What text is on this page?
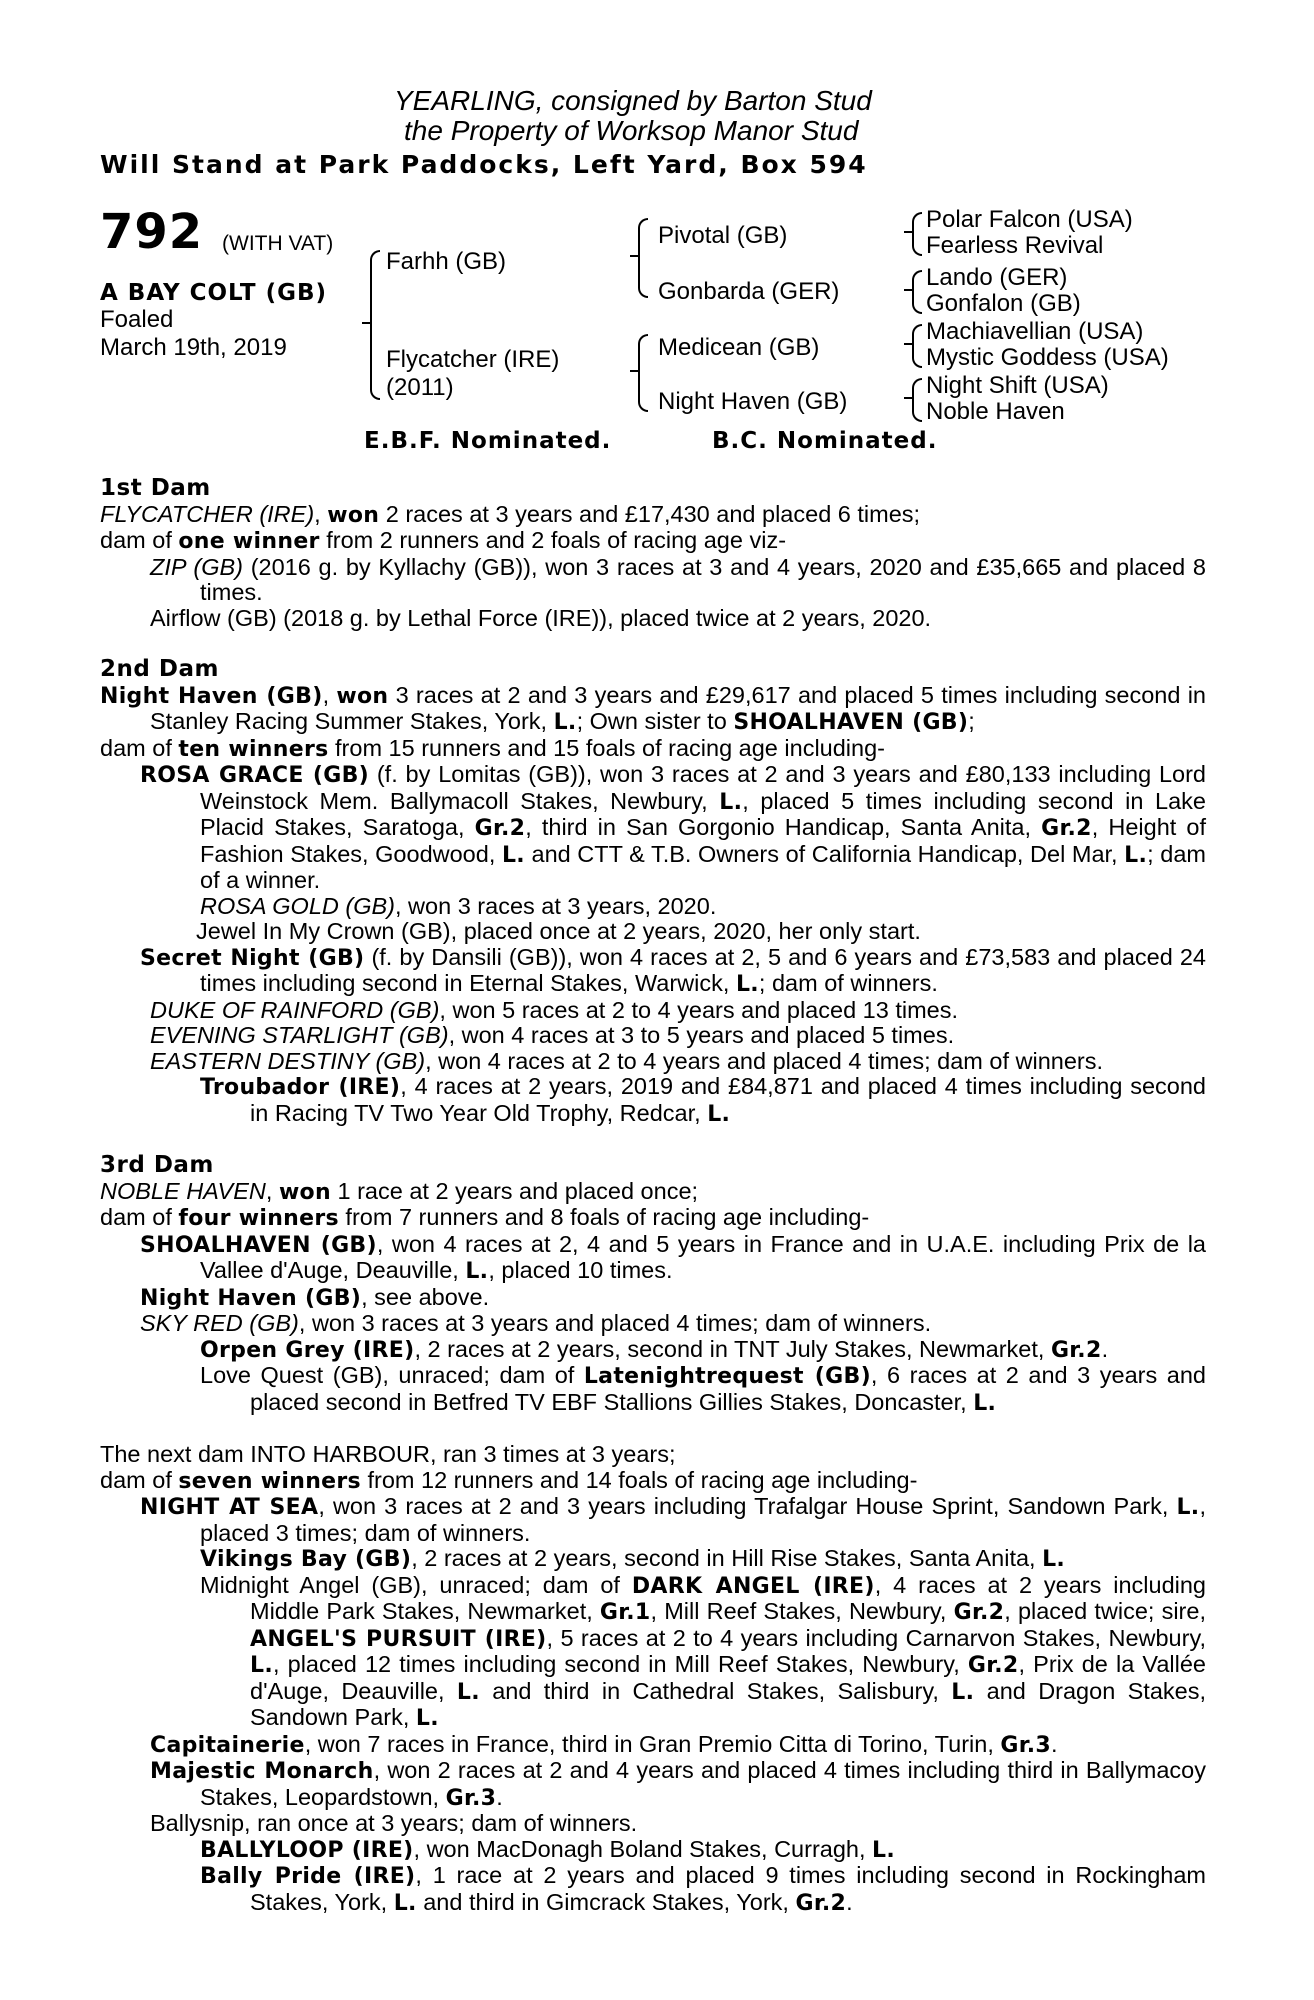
YEARLING, consigned by Barton Stud
the Property of Worksop Manor Stud
Will Stand at Park Paddocks, Left Yard, Box 594
792 (WITH VAT)
A BAY COLT (GB)
Foaled
March 19th, 2019
Farhh (GB)
Flycatcher (IRE)
(2011)
Pivotal (GB)
Gonbarda (GER)
Medicean (GB)
Night Haven (GB)
Polar Falcon (USA)
Fearless Revival
Lando (GER)
Gonfalon (GB)
Machiavellian (USA)
Mystic Goddess (USA)
Night Shift (USA)
Noble Haven
E.B.F. Nominated.	B.C. Nominated.
1st Dam
FLYCATCHER (IRE), won 2 races at 3 years and £17,430 and placed 6 times;
dam of one winner from 2 runners and 2 foals of racing age viz-
ZIP (GB) (2016 g. by Kyllachy (GB)), won 3 races at 3 and 4 years, 2020 and £35,665 and placed 8 times.
Airflow (GB) (2018 g. by Lethal Force (IRE)), placed twice at 2 years, 2020.
2nd Dam
Night Haven (GB), won 3 races at 2 and 3 years and £29,617 and placed 5 times including second in Stanley Racing Summer Stakes, York, L.; Own sister to SHOALHAVEN (GB);
dam of ten winners from 15 runners and 15 foals of racing age including-
ROSA GRACE (GB) (f. by Lomitas (GB)), won 3 races at 2 and 3 years and £80,133 including Lord Weinstock Mem. Ballymacoll Stakes, Newbury, L., placed 5 times including second in Lake Placid Stakes, Saratoga, Gr.2, third in San Gorgonio Handicap, Santa Anita, Gr.2, Height of Fashion Stakes, Goodwood, L. and CTT & T.B. Owners of California Handicap, Del Mar, L.; dam of a winner.
ROSA GOLD (GB), won 3 races at 3 years, 2020.
Jewel In My Crown (GB), placed once at 2 years, 2020, her only start.
Secret Night (GB) (f. by Dansili (GB)), won 4 races at 2, 5 and 6 years and £73,583 and placed 24 times including second in Eternal Stakes, Warwick, L.; dam of winners.
DUKE OF RAINFORD (GB), won 5 races at 2 to 4 years and placed 13 times.
EVENING STARLIGHT (GB), won 4 races at 3 to 5 years and placed 5 times.
EASTERN DESTINY (GB), won 4 races at 2 to 4 years and placed 4 times; dam of winners.
Troubador (IRE), 4 races at 2 years, 2019 and £84,871 and placed 4 times including second in Racing TV Two Year Old Trophy, Redcar, L.
3rd Dam
NOBLE HAVEN, won 1 race at 2 years and placed once;
dam of four winners from 7 runners and 8 foals of racing age including-
SHOALHAVEN (GB), won 4 races at 2, 4 and 5 years in France and in U.A.E. including Prix de la Vallee d'Auge, Deauville, L., placed 10 times.
Night Haven (GB), see above.
SKY RED (GB), won 3 races at 3 years and placed 4 times; dam of winners.
Orpen Grey (IRE), 2 races at 2 years, second in TNT July Stakes, Newmarket, Gr.2.
Love Quest (GB), unraced; dam of Latenightrequest (GB), 6 races at 2 and 3 years and placed second in Betfred TV EBF Stallions Gillies Stakes, Doncaster, L.
The next dam INTO HARBOUR, ran 3 times at 3 years;
dam of seven winners from 12 runners and 14 foals of racing age including-
NIGHT AT SEA, won 3 races at 2 and 3 years including Trafalgar House Sprint, Sandown Park, L., placed 3 times; dam of winners.
Vikings Bay (GB), 2 races at 2 years, second in Hill Rise Stakes, Santa Anita, L.
Midnight Angel (GB), unraced; dam of DARK ANGEL (IRE), 4 races at 2 years including Middle Park Stakes, Newmarket, Gr.1, Mill Reef Stakes, Newbury, Gr.2, placed twice; sire, ANGEL'S PURSUIT (IRE), 5 races at 2 to 4 years including Carnarvon Stakes, Newbury, L., placed 12 times including second in Mill Reef Stakes, Newbury, Gr.2, Prix de la Vallée d'Auge, Deauville, L. and third in Cathedral Stakes, Salisbury, L. and Dragon Stakes, Sandown Park, L.
Capitainerie, won 7 races in France, third in Gran Premio Citta di Torino, Turin, Gr.3.
Majestic Monarch, won 2 races at 2 and 4 years and placed 4 times including third in Ballymacoy Stakes, Leopardstown, Gr.3.
Ballysnip, ran once at 3 years; dam of winners.
BALLYLOOP (IRE), won MacDonagh Boland Stakes, Curragh, L.
Bally Pride (IRE), 1 race at 2 years and placed 9 times including second in Rockingham Stakes, York, L. and third in Gimcrack Stakes, York, Gr.2.
